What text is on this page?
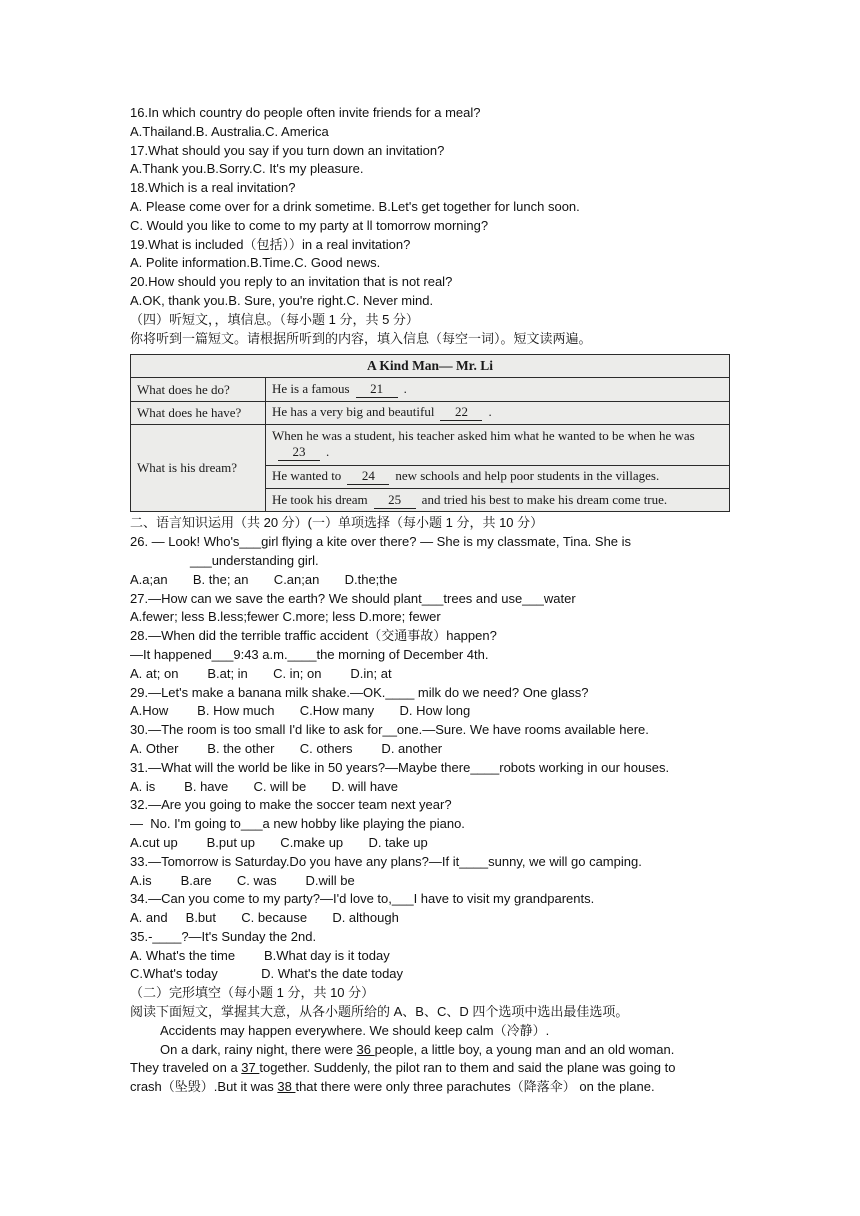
16.In which country do people often invite friends for a meal?
A.Thailand.B. Australia.C. America
17.What should you say if you turn down an invitation?
A.Thank you.B.Sorry.C. It's my pleasure.
18.Which is a real invitation?
A. Please come over for a drink sometime. B.Let's get together for lunch soon.
C. Would you like to come to my party at ll tomorrow morning?
19.What is included（包括））in a real invitation?
A. Polite information.B.Time.C. Good news.
20.How should you reply to an invitation that is not real?
A.OK, thank you.B. Sure, you're right.C. Never mind.
（四）听短文，，填信息。（每小题 1 分，共 5 分）
你将听到一篇短文。请根据所听到的内容，填入信息（每空一词）。短文读两遍。
A Kind Man— Mr. Li	
What does he do?	He is a famous 21 .
What does he have?	He has a very big and beautiful 22 .
What is his dream?	When he was a student, his teacher asked him what he wanted to be when he was23 .
	He wanted to 24 new schools and help poor students in the villages.
	He took his dream 25 and tried his best to make his dream come true.
二、语言知识运用（共 20 分）(一）单项选择（每小题 1 分，共 10 分）
26. — Look! Who's___girl flying a kite over there? — She is my classmate, Tina. She is
___understanding girl.
A.a;an       B. the; an       C.an;an       D.the;the
27.—How can we save the earth? We should plant___trees and use___water
A.fewer; less B.less;fewer C.more; less D.more; fewer
28.—When did the terrible traffic accident（交通事故）happen?
—It happened___9:43 a.m.____the morning of December 4th.
A. at; on        B.at; in       C. in; on        D.in; at
29.—Let's make a banana milk shake.—OK.____ milk do we need? One glass?
A.How        B. How much       C.How many       D. How long
30.—The room is too small I'd like to ask for__one.—Sure. We have rooms available here.
A. Other        B. the other       C. others        D. another
31.—What will the world be like in 50 years?—Maybe there____robots working in our houses.
A. is        B. have       C. will be       D. will have
32.—Are you going to make the soccer team next year?
—  No. I'm going to___a new hobby like playing the piano.
A.cut up        B.put up       C.make up       D. take up
33.—Tomorrow is Saturday.Do you have any plans?—If it____sunny, we will go camping.
A.is        B.are       C. was        D.will be
34.—Can you come to my party?—I'd love to,___I have to visit my grandparents.
A. and     B.but       C. because       D. although
35.-____?—It's Sunday the 2nd.
A. What's the time        B.What day is it today
C.What's today            D. What's the date today
（二）完形填空（每小题 1 分，共 10 分）
阅读下面短文，掌握其大意，从各小题所给的 A、B、C、D 四个选项中选出最佳选项。
Accidents may happen everywhere. We should keep calm（冷静）.
On a dark, rainy night, there were 36 people, a little boy, a young man and an old woman.
They traveled on a 37 together. Suddenly, the pilot ran to them and said the plane was going to
crash（坠毁）.But it was 38 that there were only three parachutes（降落伞） on the plane.
